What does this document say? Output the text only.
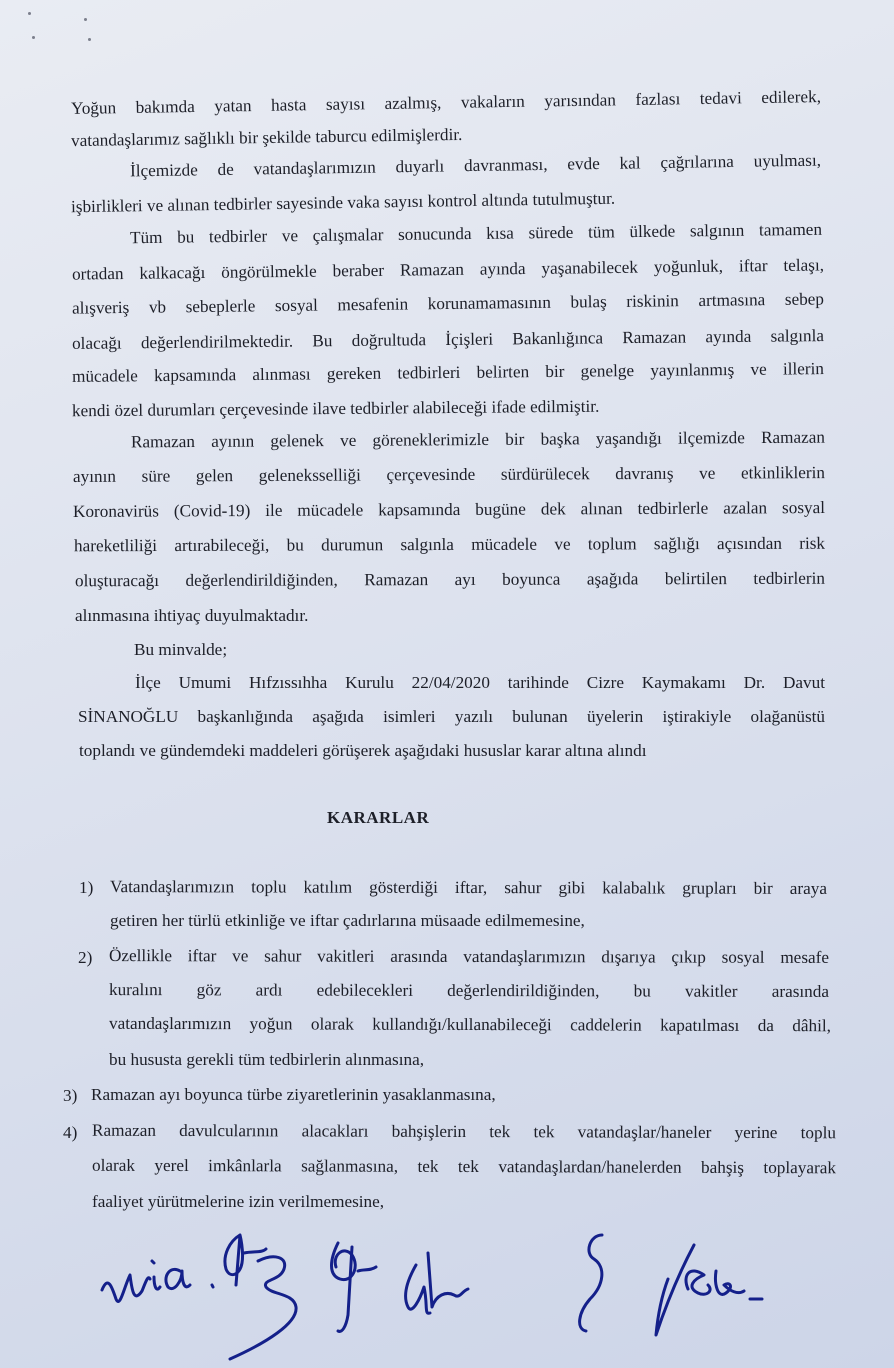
Yoğun bakımda yatan hasta sayısı azalmış, vakaların yarısından fazlası tedavi edilerek,
vatandaşlarımız sağlıklı bir şekilde taburcu edilmişlerdir.
İlçemizde de vatandaşlarımızın duyarlı davranması, evde kal çağrılarına uyulması,
işbirlikleri ve alınan tedbirler sayesinde vaka sayısı kontrol altında tutulmuştur.
Tüm bu tedbirler ve çalışmalar sonucunda kısa sürede tüm ülkede salgının tamamen
ortadan kalkacağı öngörülmekle beraber Ramazan ayında yaşanabilecek yoğunluk, iftar telaşı,
alışveriş vb sebeplerle sosyal mesafenin korunamamasının bulaş riskinin artmasına sebep
olacağı değerlendirilmektedir. Bu doğrultuda İçişleri Bakanlığınca Ramazan ayında salgınla
mücadele kapsamında alınması gereken tedbirleri belirten bir genelge yayınlanmış ve illerin
kendi özel durumları çerçevesinde ilave tedbirler alabileceği ifade edilmiştir.
Ramazan ayının gelenek ve göreneklerimizle bir başka yaşandığı ilçemizde Ramazan
ayının süre gelen geleneksselliği çerçevesinde sürdürülecek davranış ve etkinliklerin
Koronavirüs (Covid-19) ile mücadele kapsamında bugüne dek alınan tedbirlerle azalan sosyal
hareketliliği artırabileceği, bu durumun salgınla mücadele ve toplum sağlığı açısından risk
oluşturacağı değerlendirildiğinden, Ramazan ayı boyunca aşağıda belirtilen tedbirlerin
alınmasına ihtiyaç duyulmaktadır.
Bu minvalde;
İlçe Umumi Hıfzıssıhha Kurulu 22/04/2020 tarihinde Cizre Kaymakamı Dr. Davut
SİNANOĞLU başkanlığında aşağıda isimleri yazılı bulunan üyelerin iştirakiyle olağanüstü
toplandı ve gündemdeki maddeleri görüşerek aşağıdaki hususlar karar altına alındı
KARARLAR
1) Vatandaşlarımızın toplu katılım gösterdiği iftar, sahur gibi kalabalık grupları bir araya
getiren her türlü etkinliğe ve iftar çadırlarına müsaade edilmemesine,
2) Özellikle iftar ve sahur vakitleri arasında vatandaşlarımızın dışarıya çıkıp sosyal mesafe
kuralını göz ardı edebilecekleri değerlendirildiğinden, bu vakitler arasında
vatandaşlarımızın yoğun olarak kullandığı/kullanabileceği caddelerin kapatılması da dâhil,
bu hususta gerekli tüm tedbirlerin alınmasına,
3) Ramazan ayı boyunca türbe ziyaretlerinin yasaklanmasına,
4) Ramazan davulcularının alacakları bahşişlerin tek tek vatandaşlar/haneler yerine toplu
olarak yerel imkânlarla sağlanmasına, tek tek vatandaşlardan/hanelerden bahşiş toplayarak
faaliyet yürütmelerine izin verilmemesine,
